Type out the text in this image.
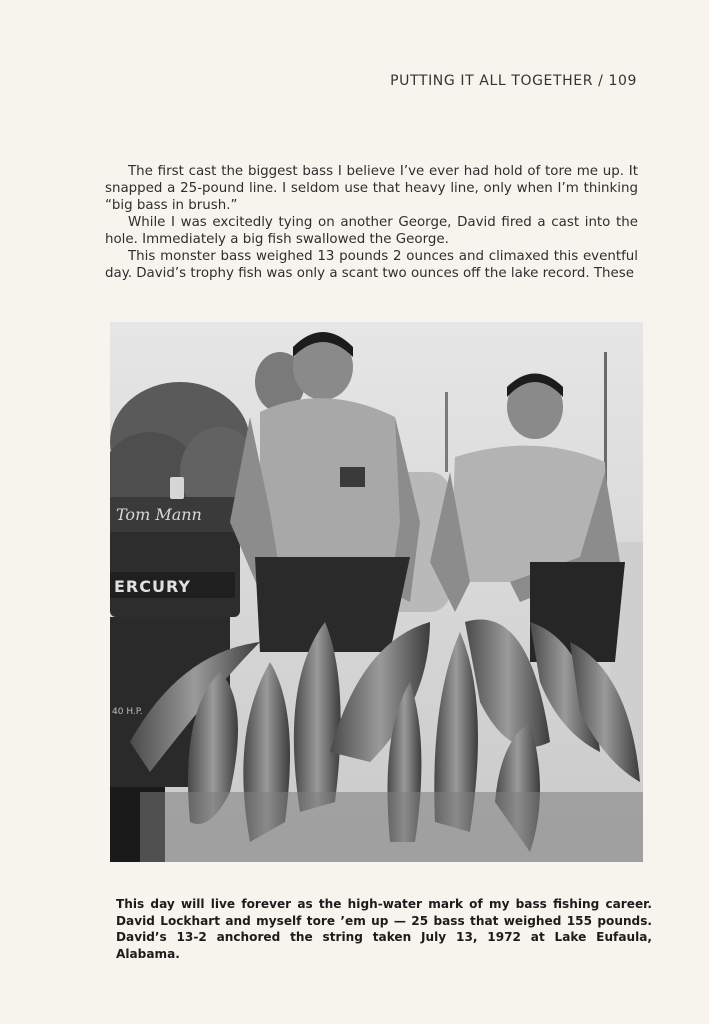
PUTTING IT ALL TOGETHER / 109

The first cast the biggest bass I believe I’ve ever had hold of tore me up. It snapped a 25-pound line. I seldom use that heavy line, only when I’m thinking “big bass in brush.”

While I was excitedly tying on another George, David fired a cast into the hole. Immediately a big fish swallowed the George.

This monster bass weighed 13 pounds 2 ounces and climaxed this eventful day. David’s trophy fish was only a scant two ounces off the lake record. These

Tom Mann
ERCURY
40 H.P.
This day will live forever as the high-water mark of my bass fishing career. David Lockhart and myself tore ’em up — 25 bass that weighed 155 pounds. David’s 13-2 anchored the string taken July 13, 1972 at Lake Eufaula, Alabama.
